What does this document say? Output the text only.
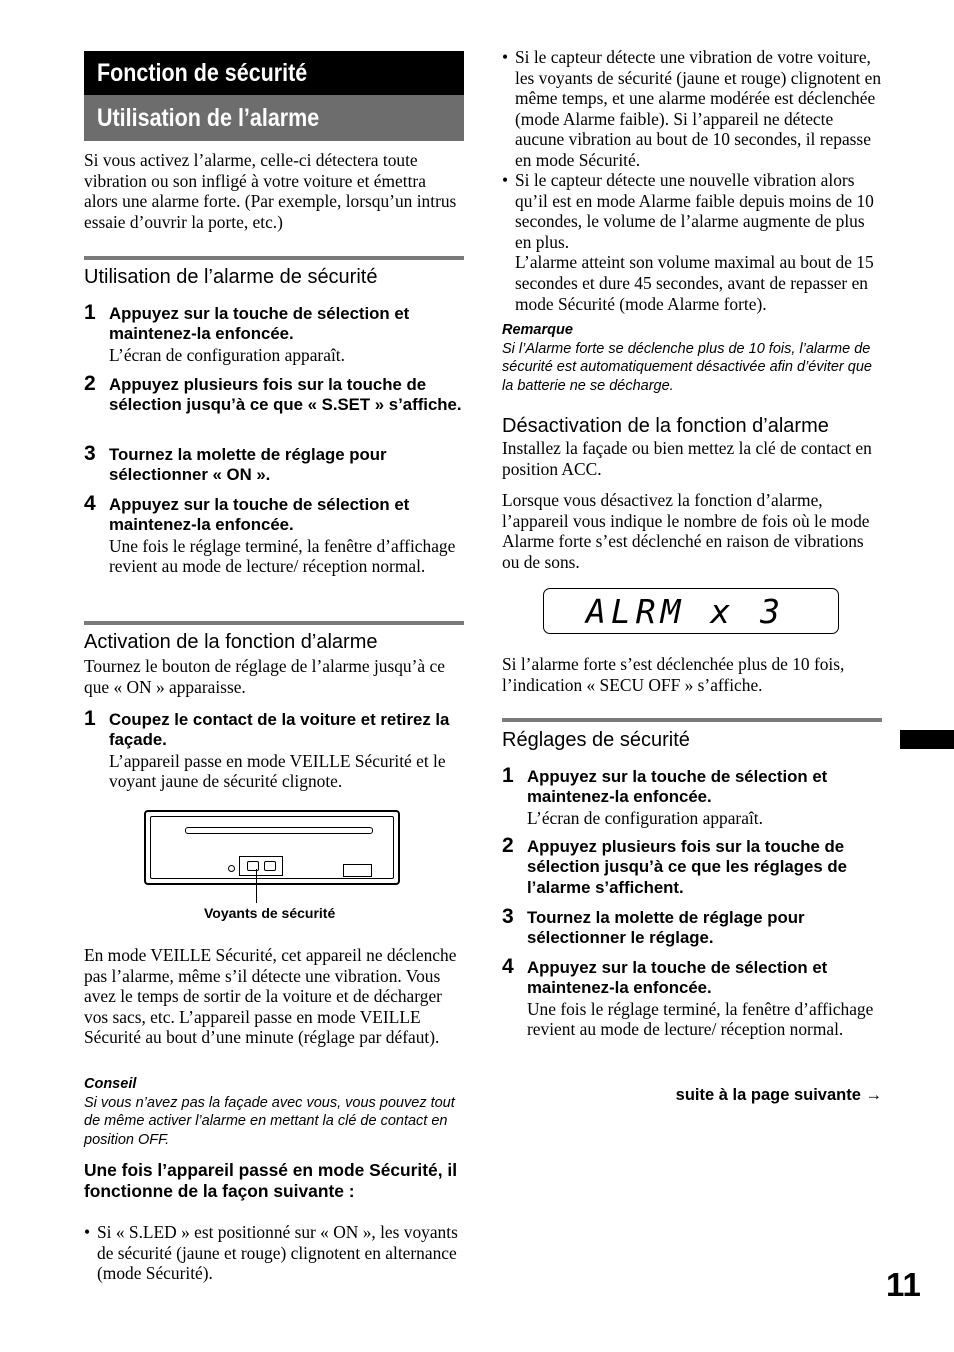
Fonction de sécurité
Utilisation de l’alarme

Si vous activez l’alarme, celle-ci détectera toute vibration ou son infligé à votre voiture et émettra alors une alarme forte. (Par exemple, lorsqu’un intrus essaie d’ouvrir la porte, etc.)

Utilisation de l’alarme de sécurité
1 Appuyez sur la touche de sélection et maintenez-la enfoncée.
L’écran de configuration apparaît.
2 Appuyez plusieurs fois sur la touche de sélection jusqu’à ce que « S.SET » s’affiche.
3 Tournez la molette de réglage pour sélectionner « ON ».
4 Appuyez sur la touche de sélection et maintenez-la enfoncée.
Une fois le réglage terminé, la fenêtre d’affichage revient au mode de lecture/ réception normal.
Activation de la fonction d’alarme

Tournez le bouton de réglage de l’alarme jusqu’à ce que « ON » apparaisse.

1 Coupez le contact de la voiture et retirez la façade.
L’appareil passe en mode VEILLE Sécurité et le voyant jaune de sécurité clignote.
Voyants de sécurité

En mode VEILLE Sécurité, cet appareil ne déclenche pas l’alarme, même s’il détecte une vibration. Vous avez le temps de sortir de la voiture et de décharger vos sacs, etc. L’appareil passe en mode VEILLE Sécurité au bout d’une minute (réglage par défaut).

Conseil
Si vous n’avez pas la façade avec vous, vous pouvez tout de même activer l’alarme en mettant la clé de contact en position OFF.
Une fois l’appareil passé en mode Sécurité, il fonctionne de la façon suivante :
• Si « S.LED » est positionné sur « ON », les voyants de sécurité (jaune et rouge) clignotent en alternance (mode Sécurité).
• Si le capteur détecte une vibration de votre voiture, les voyants de sécurité (jaune et rouge) clignotent en même temps, et une alarme modérée est déclenchée (mode Alarme faible). Si l’appareil ne détecte aucune vibration au bout de 10 secondes, il repasse en mode Sécurité.
• Si le capteur détecte une nouvelle vibration alors qu’il est en mode Alarme faible depuis moins de 10 secondes, le volume de l’alarme augmente de plus en plus.
L’alarme atteint son volume maximal au bout de 15 secondes et dure 45 secondes, avant de repasser en mode Sécurité (mode Alarme forte).
Remarque
Si l’Alarme forte se déclenche plus de 10 fois, l’alarme de sécurité est automatiquement désactivée afin d’éviter que la batterie ne se décharge.
Désactivation de la fonction d’alarme

Installez la façade ou bien mettez la clé de contact en position ACC.

Lorsque vous désactivez la fonction d’alarme, l’appareil vous indique le nombre de fois où le mode Alarme forte s’est déclenché en raison de vibrations ou de sons.

ALRM x 3

Si l’alarme forte s’est déclenchée plus de 10 fois, l’indication « SECU OFF » s’affiche.

Réglages de sécurité
1 Appuyez sur la touche de sélection et maintenez-la enfoncée.
L’écran de configuration apparaît.
2 Appuyez plusieurs fois sur la touche de sélection jusqu’à ce que les réglages de l’alarme s’affichent.
3 Tournez la molette de réglage pour sélectionner le réglage.
4 Appuyez sur la touche de sélection et maintenez-la enfoncée.
Une fois le réglage terminé, la fenêtre d’affichage revient au mode de lecture/ réception normal.
suite à la page suivante →
11
